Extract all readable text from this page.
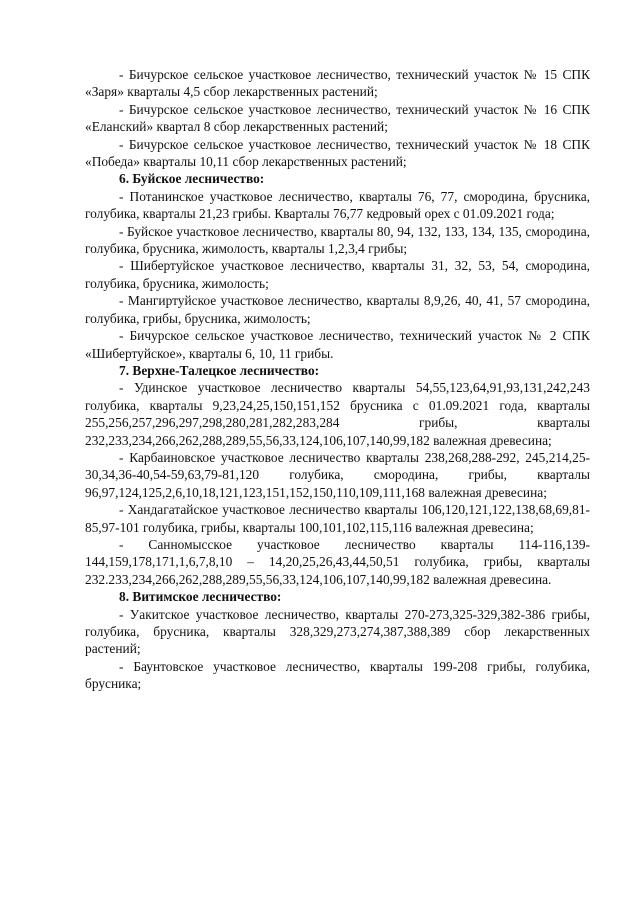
- Бичурское сельское участковое лесничество, технический участок № 15 СПК «Заря» кварталы 4,5 сбор лекарственных растений;

- Бичурское сельское участковое лесничество, технический участок № 16 СПК «Еланский» квартал 8 сбор лекарственных растений;

- Бичурское сельское участковое лесничество, технический участок № 18 СПК «Победа» кварталы 10,11 сбор лекарственных растений;

6. Буйское лесничество:

- Потанинское участковое лесничество, кварталы 76, 77, смородина, брусника, голубика, кварталы 21,23 грибы. Кварталы 76,77 кедровый орех с 01.09.2021 года;

- Буйское участковое лесничество, кварталы 80, 94, 132, 133, 134, 135, смородина, голубика, брусника, жимолость, кварталы 1,2,3,4 грибы;

- Шибертуйское участковое лесничество, кварталы 31, 32, 53, 54, смородина, голубика, брусника, жимолость;

- Мангиртуйское участковое лесничество, кварталы 8,9,26, 40, 41, 57 смородина, голубика, грибы, брусника, жимолость;

- Бичурское сельское участковое лесничество, технический участок № 2 СПК «Шибертуйское», кварталы 6, 10, 11 грибы.

7. Верхне-Талецкое лесничество:

- Удинское участковое лесничество кварталы 54,55,123,64,91,93,131,242,243 голубика, кварталы 9,23,24,25,150,151,152 брусника с 01.09.2021 года, кварталы 255,256,257,296,297,298,280,281,282,283,284 грибы, кварталы 232,233,234,266,262,288,289,55,56,33,124,106,107,140,99,182 валежная древесина;

- Карбаиновское участковое лесничество кварталы 238,268,288-292, 245,214,25-30,34,36-40,54-59,63,79-81,120 голубика, смородина, грибы, кварталы 96,97,124,125,2,6,10,18,121,123,151,152,150,110,109,111,168 валежная древесина;

- Хандагатайское участковое лесничество кварталы 106,120,121,122,138,68,69,81-85,97-101 голубика, грибы, кварталы 100,101,102,115,116 валежная древесина;

- Санномысское участковое лесничество кварталы 114-116,139-144,159,178,171,1,6,7,8,10 – 14,20,25,26,43,44,50,51 голубика, грибы, кварталы 232.233,234,266,262,288,289,55,56,33,124,106,107,140,99,182 валежная древесина.

8. Витимское лесничество:

- Уакитское участковое лесничество, кварталы 270-273,325-329,382-386 грибы, голубика, брусника, кварталы 328,329,273,274,387,388,389 сбор лекарственных растений;

- Баунтовское участковое лесничество, кварталы 199-208 грибы, голубика, брусника;
